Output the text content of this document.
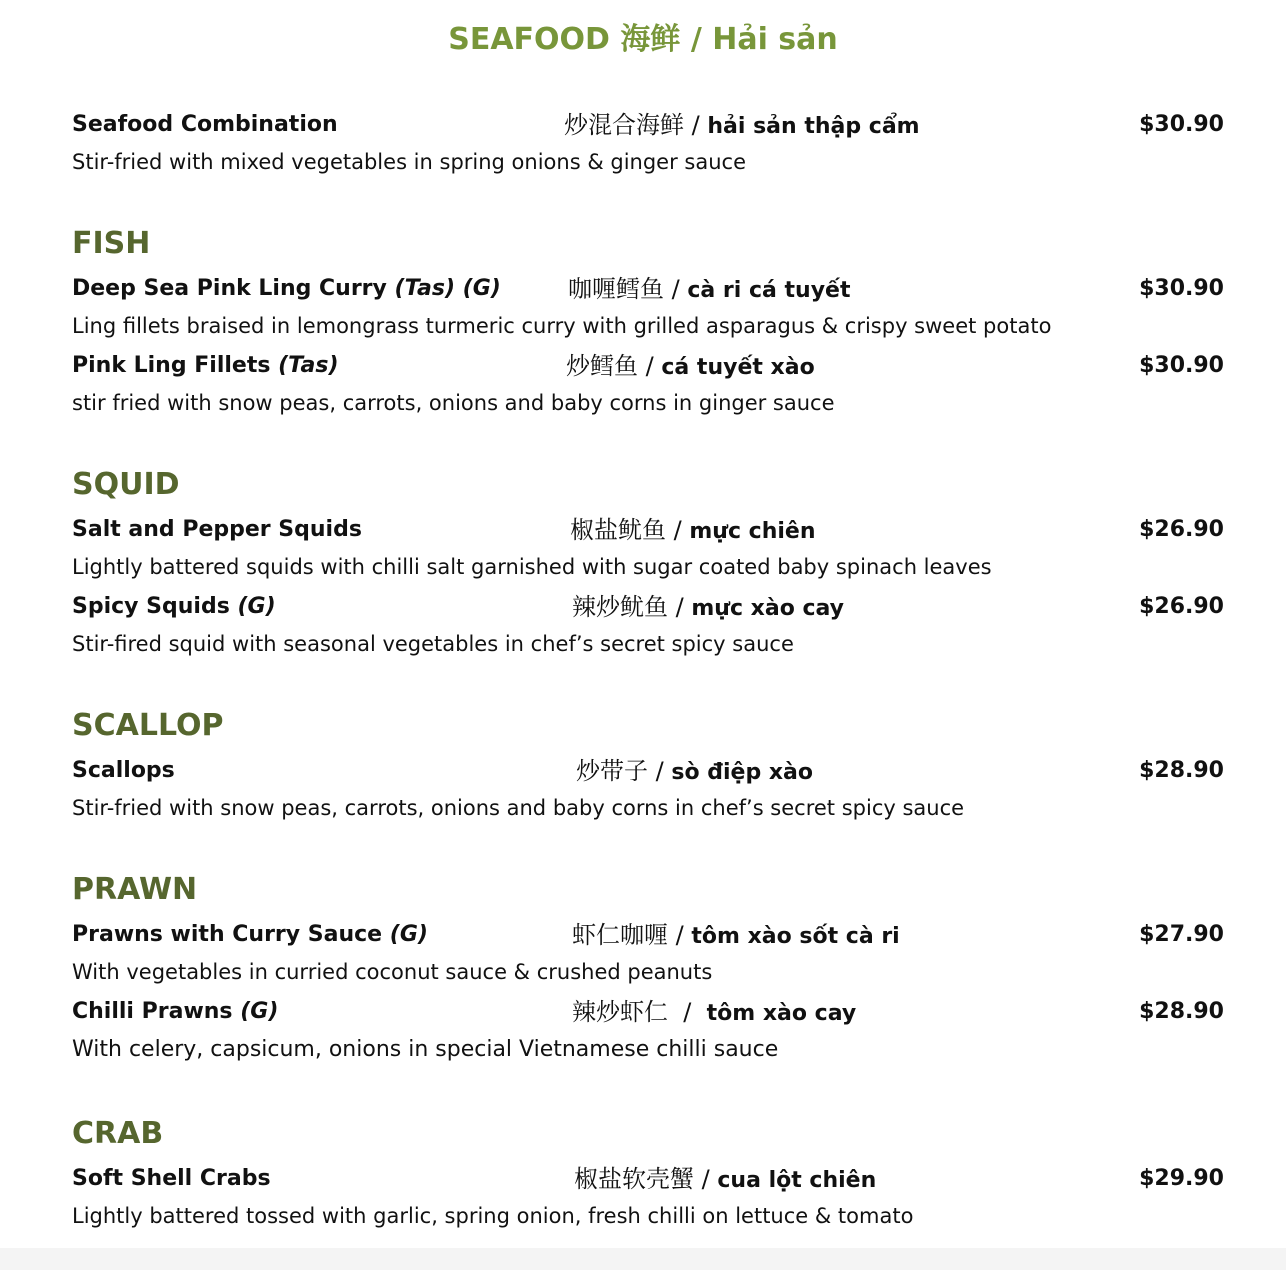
SEAFOOD 海鲜 / Hải sản
Seafood Combination	炒混合海鲜 / hải sản thập cẩm	$30.90
Stir-fried with mixed vegetables in spring onions & ginger sauce
FISH
Deep Sea Pink Ling Curry (Tas) (G)	咖喱鳕鱼 / cà ri cá tuyết	$30.90
Ling fillets braised in lemongrass turmeric curry with grilled asparagus & crispy sweet potato
Pink Ling Fillets (Tas)	炒鳕鱼 / cá tuyết xào	$30.90
stir fried with snow peas, carrots, onions and baby corns in ginger sauce
SQUID
Salt and Pepper Squids	椒盐鱿鱼 / mực chiên	$26.90
Lightly battered squids with chilli salt garnished with sugar coated baby spinach leaves
Spicy Squids (G)	辣炒鱿鱼 / mực xào cay	$26.90
Stir-fired squid with seasonal vegetables in chef’s secret spicy sauce
SCALLOP
Scallops	炒带子 / sò điệp xào	$28.90
Stir-fried with snow peas, carrots, onions and baby corns in chef’s secret spicy sauce
PRAWN
Prawns with Curry Sauce (G)	虾仁咖喱 / tôm xào sốt cà ri	$27.90
With vegetables in curried coconut sauce & crushed peanuts
Chilli Prawns (G)	辣炒虾仁 / tôm xào cay	$28.90
With celery, capsicum, onions in special Vietnamese chilli sauce
CRAB
Soft Shell Crabs	椒盐软壳蟹 / cua lột chiên	$29.90
Lightly battered tossed with garlic, spring onion, fresh chilli on lettuce & tomato
